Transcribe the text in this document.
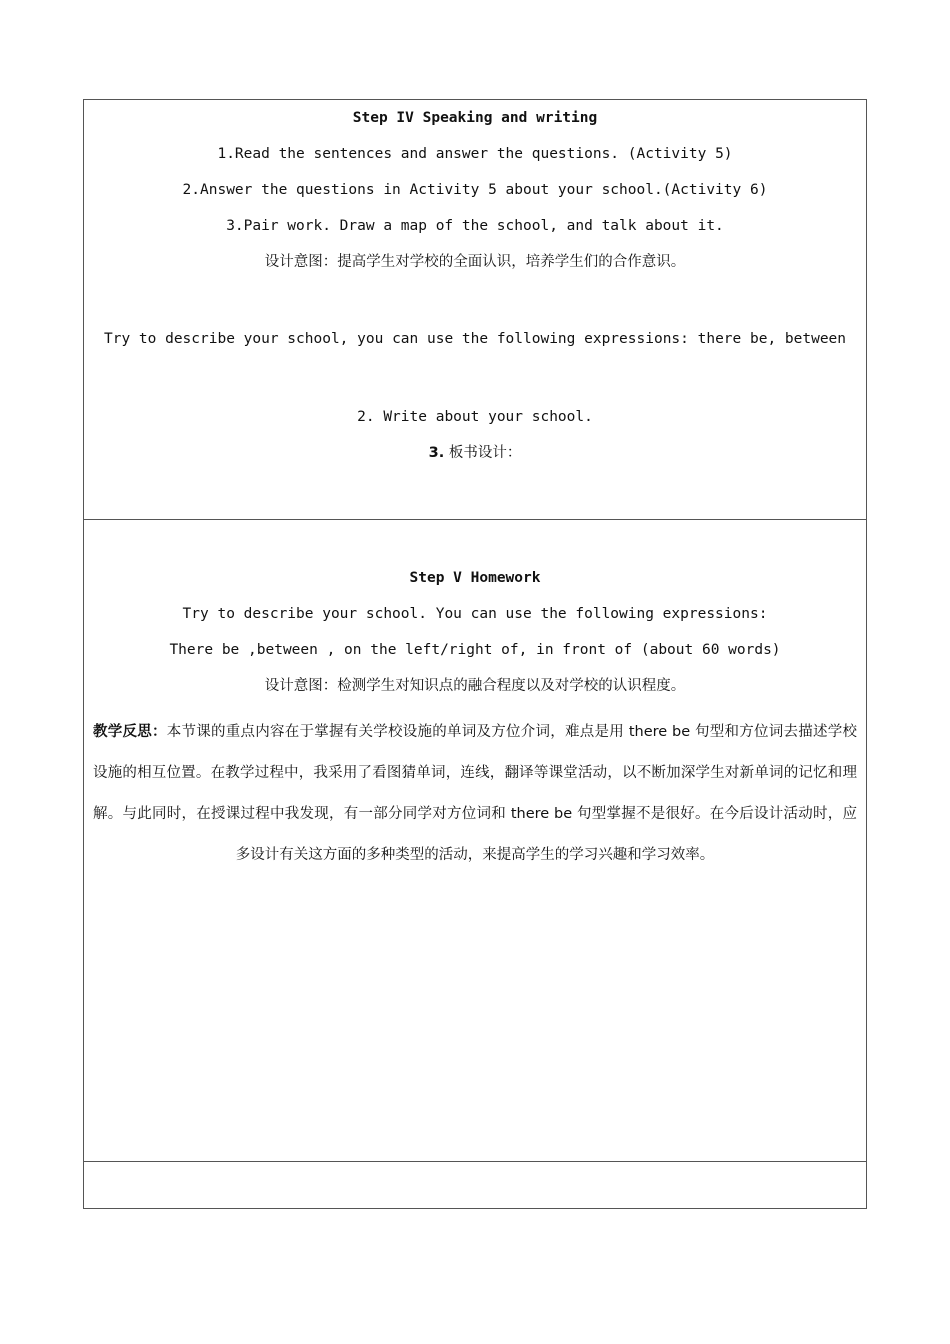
Step IV Speaking and writing
1.Read the sentences and answer the questions. (Activity 5)
2.Answer the questions in Activity 5 about your school.(Activity 6)
3.Pair work. Draw a map of the school, and talk about it.
设计意图：提高学生对学校的全面认识，培养学生们的合作意识。
Try to describe your school, you can use the following expressions: there be, between
2. Write about your school.
3. 板书设计：
Step V Homework
Try to describe your school. You can use the following expressions:
There be ,between , on the left/right of, in front of (about 60 words)
设计意图：检测学生对知识点的融合程度以及对学校的认识程度。
教学反思：本节课的重点内容在于掌握有关学校设施的单词及方位介词，难点是用 there be 句型和方位词去描述学校设施的相互位置。在教学过程中，我采用了看图猜单词，连线，翻译等课堂活动，以不断加深学生对新单词的记忆和理解。与此同时，在授课过程中我发现，有一部分同学对方位词和 there be 句型掌握不是很好。在今后设计活动时，应多设计有关这方面的多种类型的活动，来提高学生的学习兴趣和学习效率。
